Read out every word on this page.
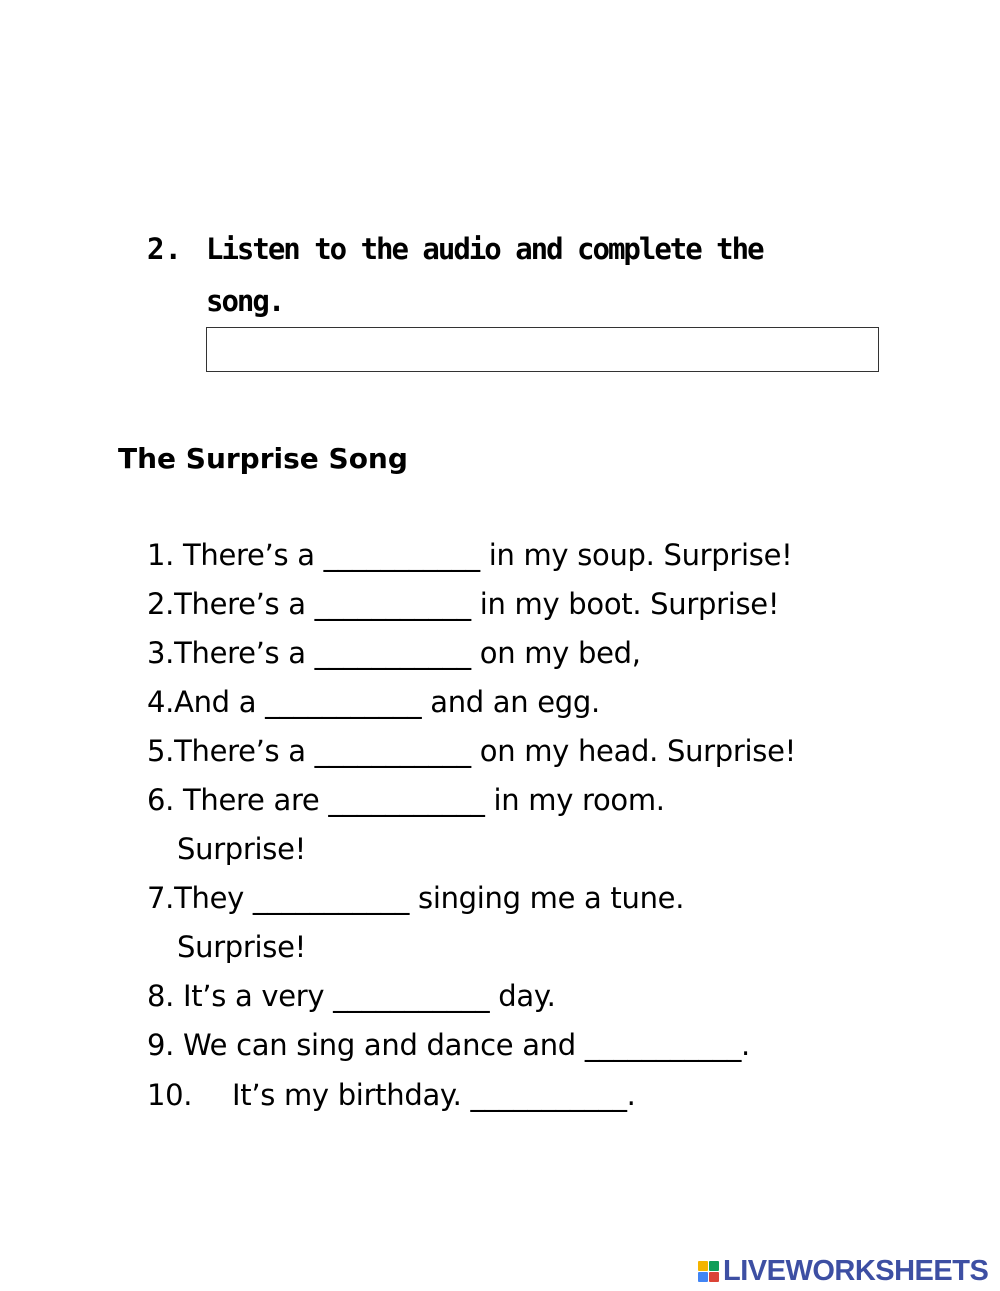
2. Listen to the audio and complete the
song.
The Surprise Song
1. There’s a ___________ in my soup. Surprise!
2.There’s a ___________ in my boot. Surprise!
3.There’s a ___________ on my bed,
4.And a ___________ and an egg.
5.There’s a ___________ on my head. Surprise!
6. There are ___________ in my room.
Surprise!
7.They ___________ singing me a tune.
Surprise!
8. It’s a very ___________ day.
9. We can sing and dance and ___________.
10. It’s my birthday. ___________.
LIVEWORKSHEETS
